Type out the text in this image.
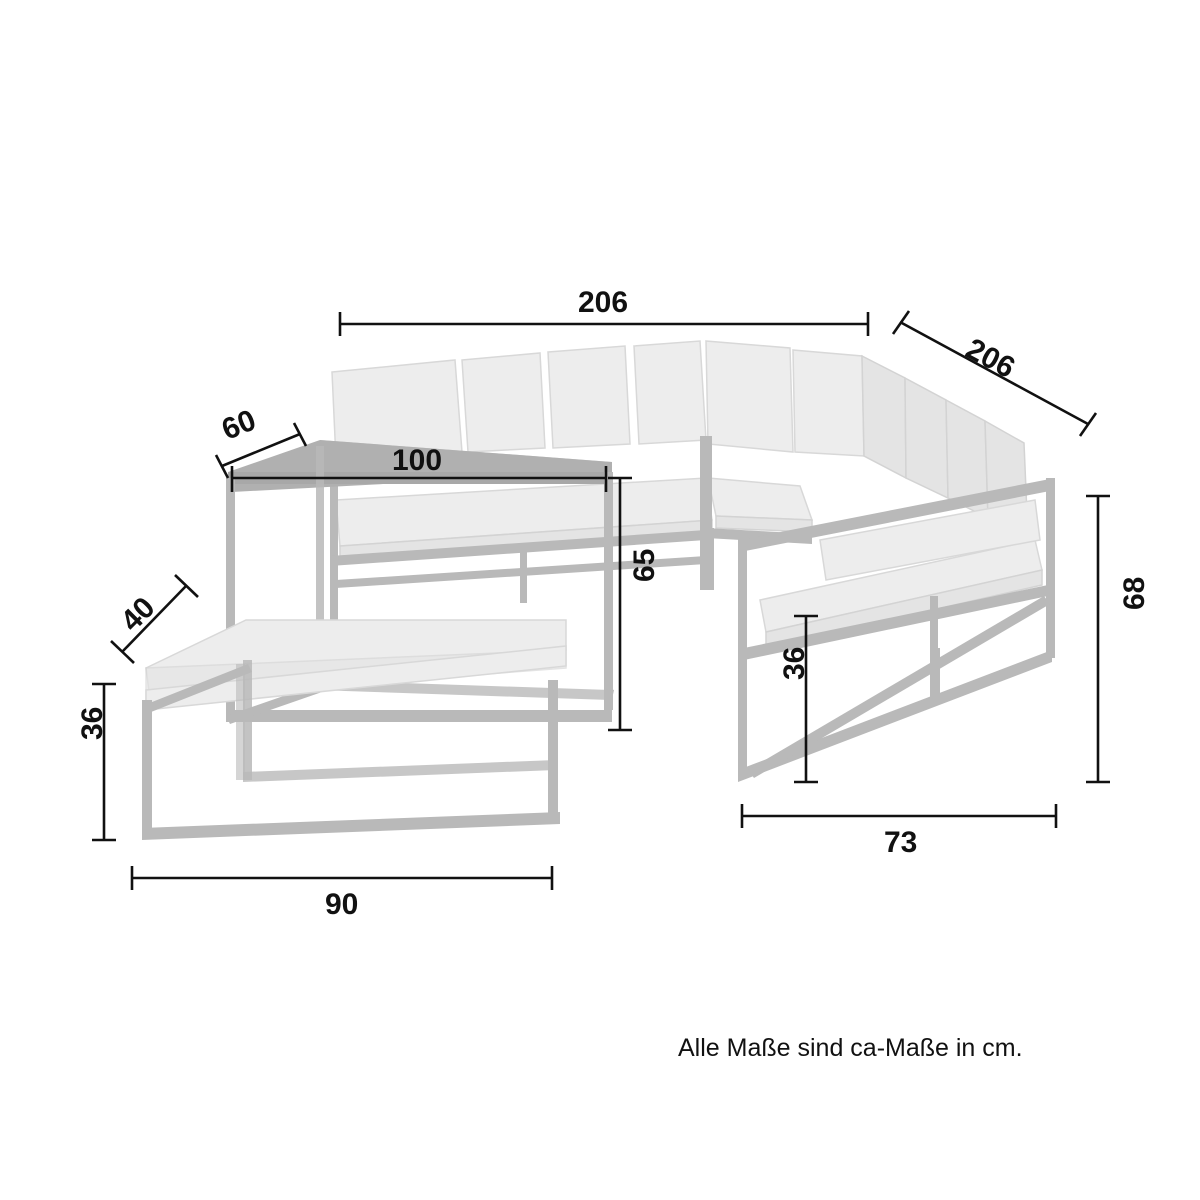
206
206
60
100
65
40
36
90
36
68
73
Alle Maße sind ca-Maße in cm.
